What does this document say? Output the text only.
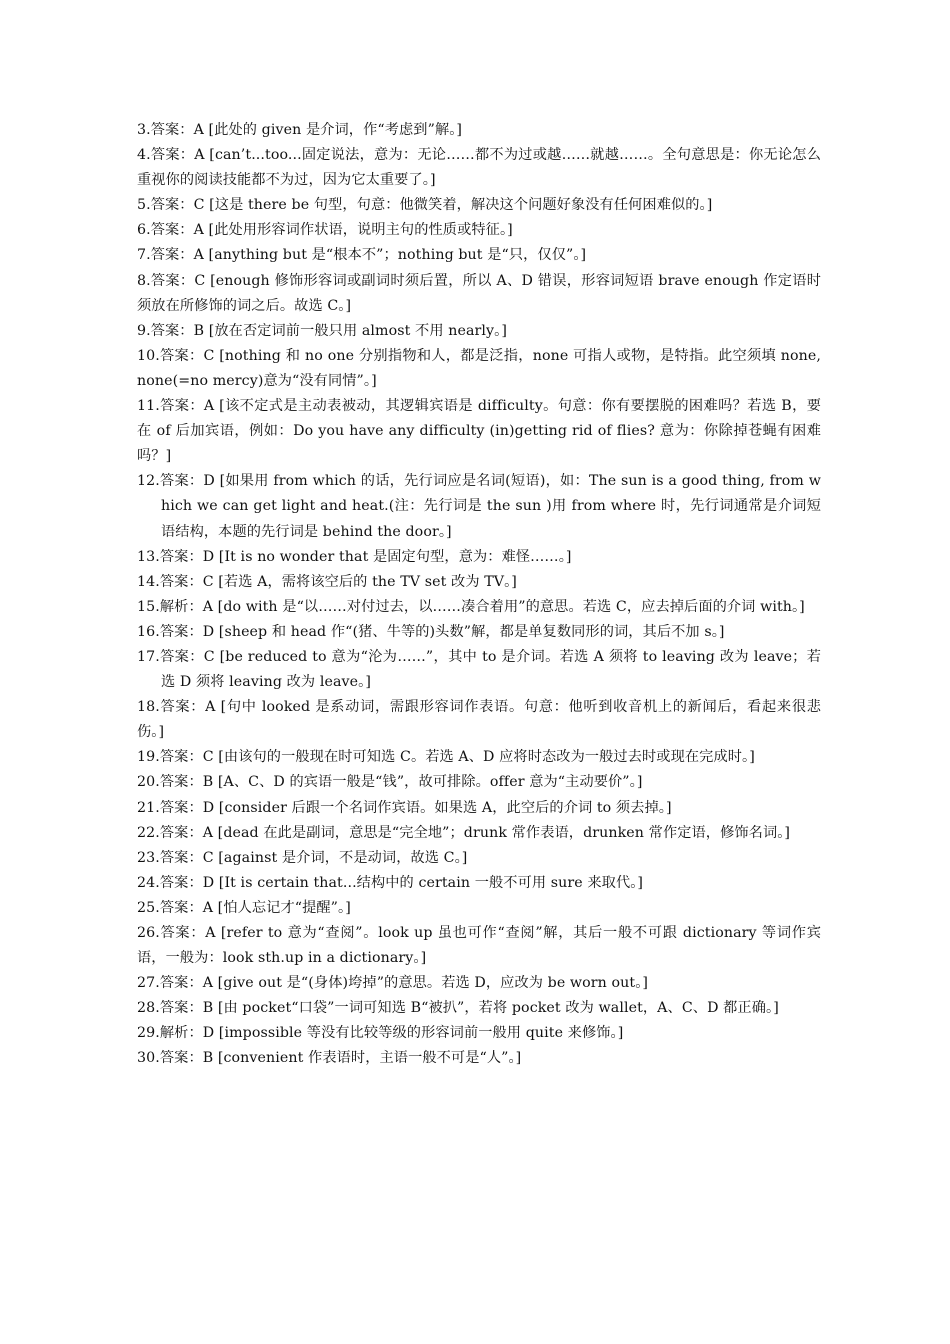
3.答案：A [此处的 given 是介词，作“考虑到”解。]
4.答案：A [can’t...too...固定说法，意为：无论……都不为过或越……就越……。全句意思是：你无论怎么重视你的阅读技能都不为过，因为它太重要了。]
5.答案：C [这是 there be 句型，句意：他微笑着，解决这个问题好象没有任何困难似的。]
6.答案：A [此处用形容词作状语，说明主句的性质或特征。]
7.答案：A [anything but 是“根本不”；nothing but 是“只，仅仅”。]
8.答案：C [enough 修饰形容词或副词时须后置，所以 A、D 错误，形容词短语 brave enough 作定语时须放在所修饰的词之后。故选 C。]
9.答案：B [放在否定词前一般只用 almost 不用 nearly。]
10.答案：C [nothing 和 no one 分别指物和人，都是泛指，none 可指人或物，是特指。此空须填 none, none(=no mercy)意为“没有同情”。]
11.答案：A [该不定式是主动表被动，其逻辑宾语是 difficulty。句意：你有要摆脱的困难吗？若选 B，要在 of 后加宾语，例如：Do you have any difficulty (in)getting rid of flies? 意为：你除掉苍蝇有困难吗？]
12.答案：D [如果用 from which 的话，先行词应是名词(短语)，如：The sun is a good thing, from which we can get light and heat.(注：先行词是 the sun )用 from where 时，先行词通常是介词短语结构，本题的先行词是 behind the door。]
13.答案：D [It is no wonder that 是固定句型，意为：难怪……。]
14.答案：C [若选 A，需将该空后的 the TV set 改为 TV。]
15.解析：A [do with 是“以……对付过去，以……凑合着用”的意思。若选 C，应去掉后面的介词 with。]
16.答案：D [sheep 和 head 作“(猪、牛等的)头数”解，都是单复数同形的词，其后不加 s。]
17.答案：C [be reduced to 意为“沦为……”，其中 to 是介词。若选 A 须将 to leaving 改为 leave；若选 D 须将 leaving 改为 leave。]
18.答案：A [句中 looked 是系动词，需跟形容词作表语。句意：他听到收音机上的新闻后，看起来很悲伤。]
19.答案：C [由该句的一般现在时可知选 C。若选 A、D 应将时态改为一般过去时或现在完成时。]
20.答案：B [A、C、D 的宾语一般是“钱”，故可排除。offer 意为“主动要价”。]
21.答案：D [consider 后跟一个名词作宾语。如果选 A，此空后的介词 to 须去掉。]
22.答案：A [dead 在此是副词，意思是“完全地”；drunk 常作表语，drunken 常作定语，修饰名词。]
23.答案：C [against 是介词，不是动词，故选 C。]
24.答案：D [It is certain that...结构中的 certain 一般不可用 sure 来取代。]
25.答案：A [怕人忘记才“提醒”。]
26.答案：A [refer to 意为“查阅”。look up 虽也可作“查阅”解，其后一般不可跟 dictionary 等词作宾语，一般为：look sth.up in a dictionary。]
27.答案：A [give out 是“(身体)垮掉”的意思。若选 D，应改为 be worn out。]
28.答案：B [由 pocket“口袋”一词可知选 B“被扒”，若将 pocket 改为 wallet，A、C、D 都正确。]
29.解析：D [impossible 等没有比较等级的形容词前一般用 quite 来修饰。]
30.答案：B [convenient 作表语时，主语一般不可是“人”。]
